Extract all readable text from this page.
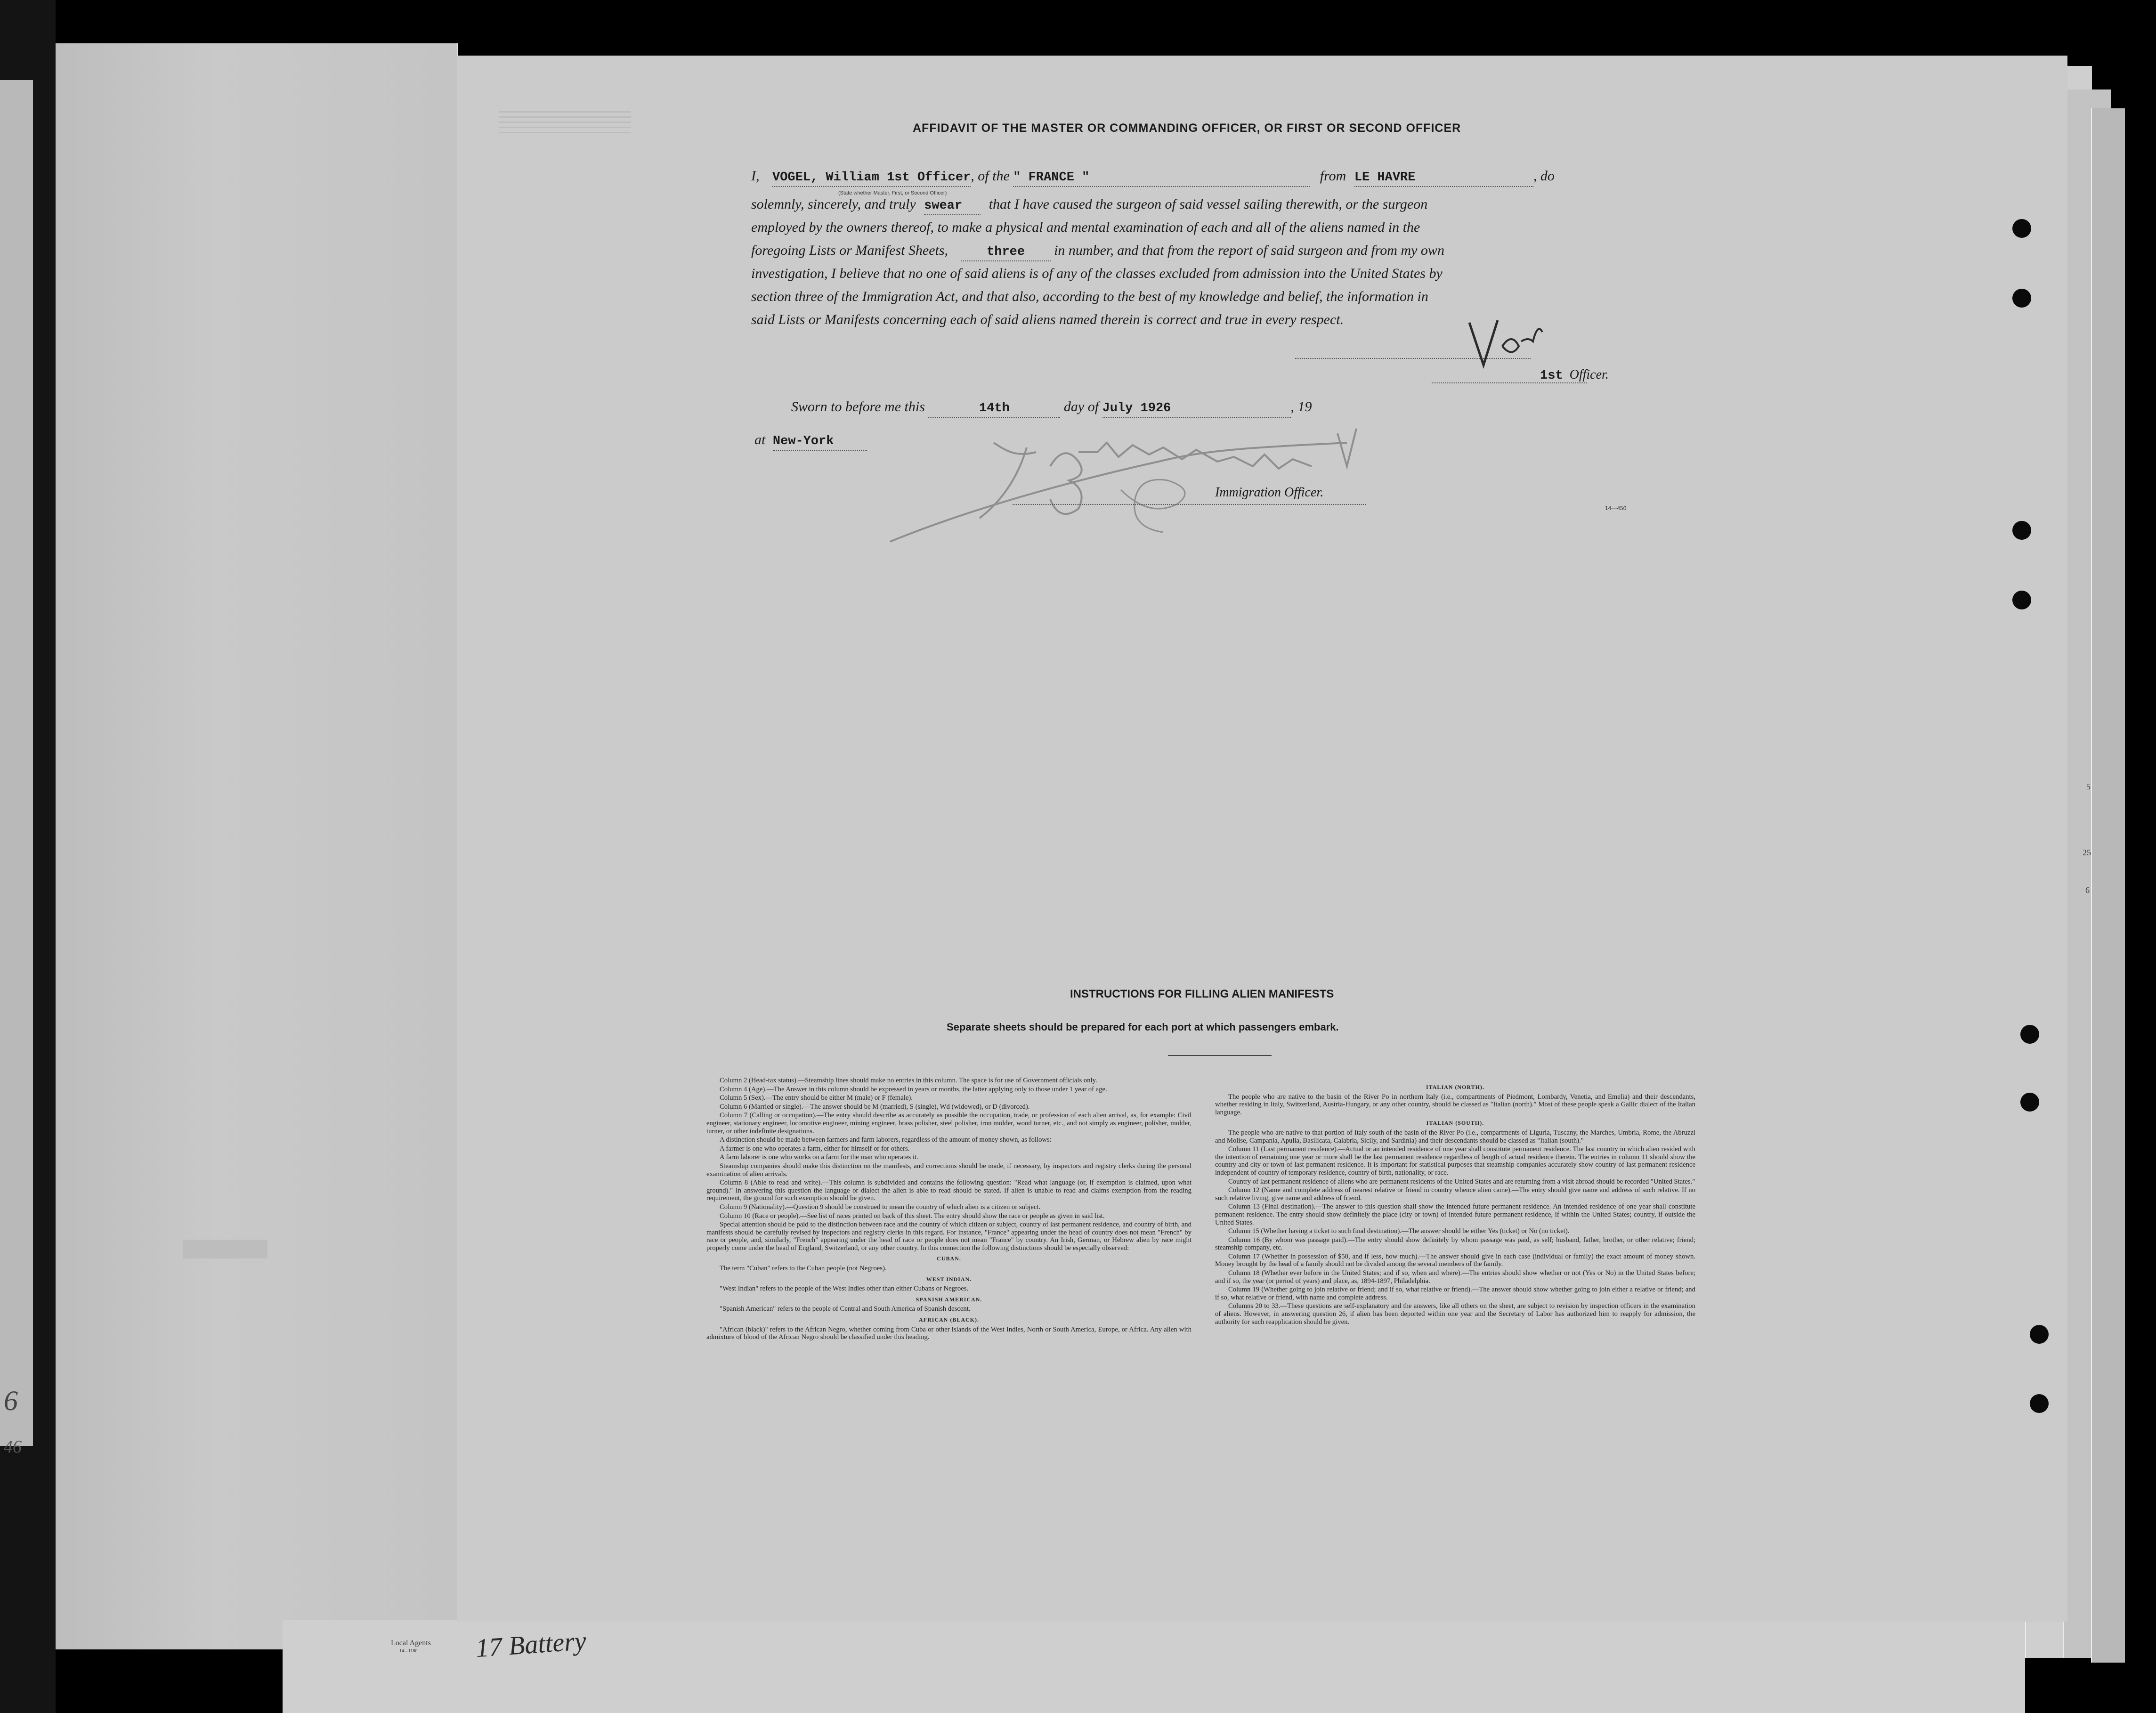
6
46
5
25
6
AFFIDAVIT OF THE MASTER OR COMMANDING OFFICER, OR FIRST OR SECOND OFFICER
I, VOGEL, William 1st Officer, of the " FRANCE "	from LE HAVRE	, do
(State whether Master, First, or Second Officer)
solemnly, sincerely, and truly swear that I have caused the surgeon of said vessel sailing therewith, or the surgeon
employed by the owners thereof, to make a physical and mental examination of each and all of the aliens named in the
foregoing Lists or Manifest Sheets,	three in number, and that from the report of said surgeon and from my own
investigation, I believe that no one of said aliens is of any of the classes excluded from admission into the United States by
section three of the Immigration Act, and that also, according to the best of my knowledge and belief, the information in
said Lists or Manifests concerning each of said aliens named therein is correct and true in every respect.
1st Officer.
Sworn to before me this	14th	day of July 1926	, 19
at New-York
Immigration Officer.
14—450
INSTRUCTIONS FOR FILLING ALIEN MANIFESTS
Separate sheets should be prepared for each port at which passengers embark.

Column 2 (Head-tax status).—Steamship lines should make no entries in this column. The space is for use of Government officials only.

Column 4 (Age).—The Answer in this column should be expressed in years or months, the latter applying only to those under 1 year of age.

Column 5 (Sex).—The entry should be either M (male) or F (female).

Column 6 (Married or single).—The answer should be M (married), S (single), Wd (widowed), or D (divorced).

Column 7 (Calling or occupation).—The entry should describe as accurately as possible the occupation, trade, or profession of each alien arrival, as, for example: Civil engineer, stationary engineer, locomotive engineer, mining engineer, brass polisher, steel polisher, iron molder, wood turner, etc., and not simply as engineer, polisher, molder, turner, or other indefinite designations.

A distinction should be made between farmers and farm laborers, regardless of the amount of money shown, as follows:

A farmer is one who operates a farm, either for himself or for others.

A farm laborer is one who works on a farm for the man who operates it.

Steamship companies should make this distinction on the manifests, and corrections should be made, if necessary, by inspectors and registry clerks during the personal examination of alien arrivals.

Column 8 (Able to read and write).—This column is subdivided and contains the following question: "Read what language (or, if exemption is claimed, upon what ground)." In answering this question the language or dialect the alien is able to read should be stated. If alien is unable to read and claims exemption from the reading requirement, the ground for such exemption should be given.

Column 9 (Nationality).—Question 9 should be construed to mean the country of which alien is a citizen or subject.

Column 10 (Race or people).—See list of races printed on back of this sheet. The entry should show the race or people as given in said list.

Special attention should be paid to the distinction between race and the country of which citizen or subject, country of last permanent residence, and country of birth, and manifests should be carefully revised by inspectors and registry clerks in this regard. For instance, "France" appearing under the head of country does not mean "French" by race or people, and, similarly, "French" appearing under the head of race or people does not mean "France" by country. An Irish, German, or Hebrew alien by race might properly come under the head of England, Switzerland, or any other country. In this connection the following distinctions should be especially observed:

CUBAN.

The term "Cuban" refers to the Cuban people (not Negroes).

WEST INDIAN.

"West Indian" refers to the people of the West Indies other than either Cubans or Negroes.

SPANISH AMERICAN.

"Spanish American" refers to the people of Central and South America of Spanish descent.

AFRICAN (BLACK).

"African (black)" refers to the African Negro, whether coming from Cuba or other islands of the West Indies, North or South America, Europe, or Africa. Any alien with admixture of blood of the African Negro should be classified under this heading.

ITALIAN (NORTH).

The people who are native to the basin of the River Po in northern Italy (i.e., compartments of Piedmont, Lombardy, Venetia, and Emelia) and their descendants, whether residing in Italy, Switzerland, Austria-Hungary, or any other country, should be classed as "Italian (north)." Most of these people speak a Gallic dialect of the Italian language.

ITALIAN (SOUTH).

The people who are native to that portion of Italy south of the basin of the River Po (i.e., compartments of Liguria, Tuscany, the Marches, Umbria, Rome, the Abruzzi and Molise, Campania, Apulia, Basilicata, Calabria, Sicily, and Sardinia) and their descendants should be classed as "Italian (south)."

Column 11 (Last permanent residence).—Actual or an intended residence of one year shall constitute permanent residence. The last country in which alien resided with the intention of remaining one year or more shall be the last permanent residence regardless of length of actual residence therein. The entries in column 11 should show the country and city or town of last permanent residence. It is important for statistical purposes that steamship companies accurately show country of last permanent residence independent of country of temporary residence, country of birth, nationality, or race.

Country of last permanent residence of aliens who are permanent residents of the United States and are returning from a visit abroad should be recorded "United States."

Column 12 (Name and complete address of nearest relative or friend in country whence alien came).—The entry should give name and address of such relative. If no such relative living, give name and address of friend.

Column 13 (Final destination).—The answer to this question shall show the intended future permanent residence. An intended residence of one year shall constitute permanent residence. The entry should show definitely the place (city or town) of intended future permanent residence, if within the United States; country, if outside the United States.

Column 15 (Whether having a ticket to such final destination).—The answer should be either Yes (ticket) or No (no ticket).

Column 16 (By whom was passage paid).—The entry should show definitely by whom passage was paid, as self; husband, father, brother, or other relative; friend; steamship company, etc.

Column 17 (Whether in possession of $50, and if less, how much).—The answer should give in each case (individual or family) the exact amount of money shown. Money brought by the head of a family should not be divided among the several members of the family.

Column 18 (Whether ever before in the United States; and if so, when and where).—The entries should show whether or not (Yes or No) in the United States before; and if so, the year (or period of years) and place, as, 1894-1897, Philadelphia.

Column 19 (Whether going to join relative or friend; and if so, what relative or friend).—The answer should show whether going to join either a relative or friend; and if so, what relative or friend, with name and complete address.

Columns 20 to 33.—These questions are self-explanatory and the answers, like all others on the sheet, are subject to revision by inspection officers in the examination of aliens. However, in answering question 26, if alien has been deported within one year and the Secretary of Labor has authorized him to reapply for admission, the authority for such reapplication should be given.

Local Agents
14—1180 17 Battery
